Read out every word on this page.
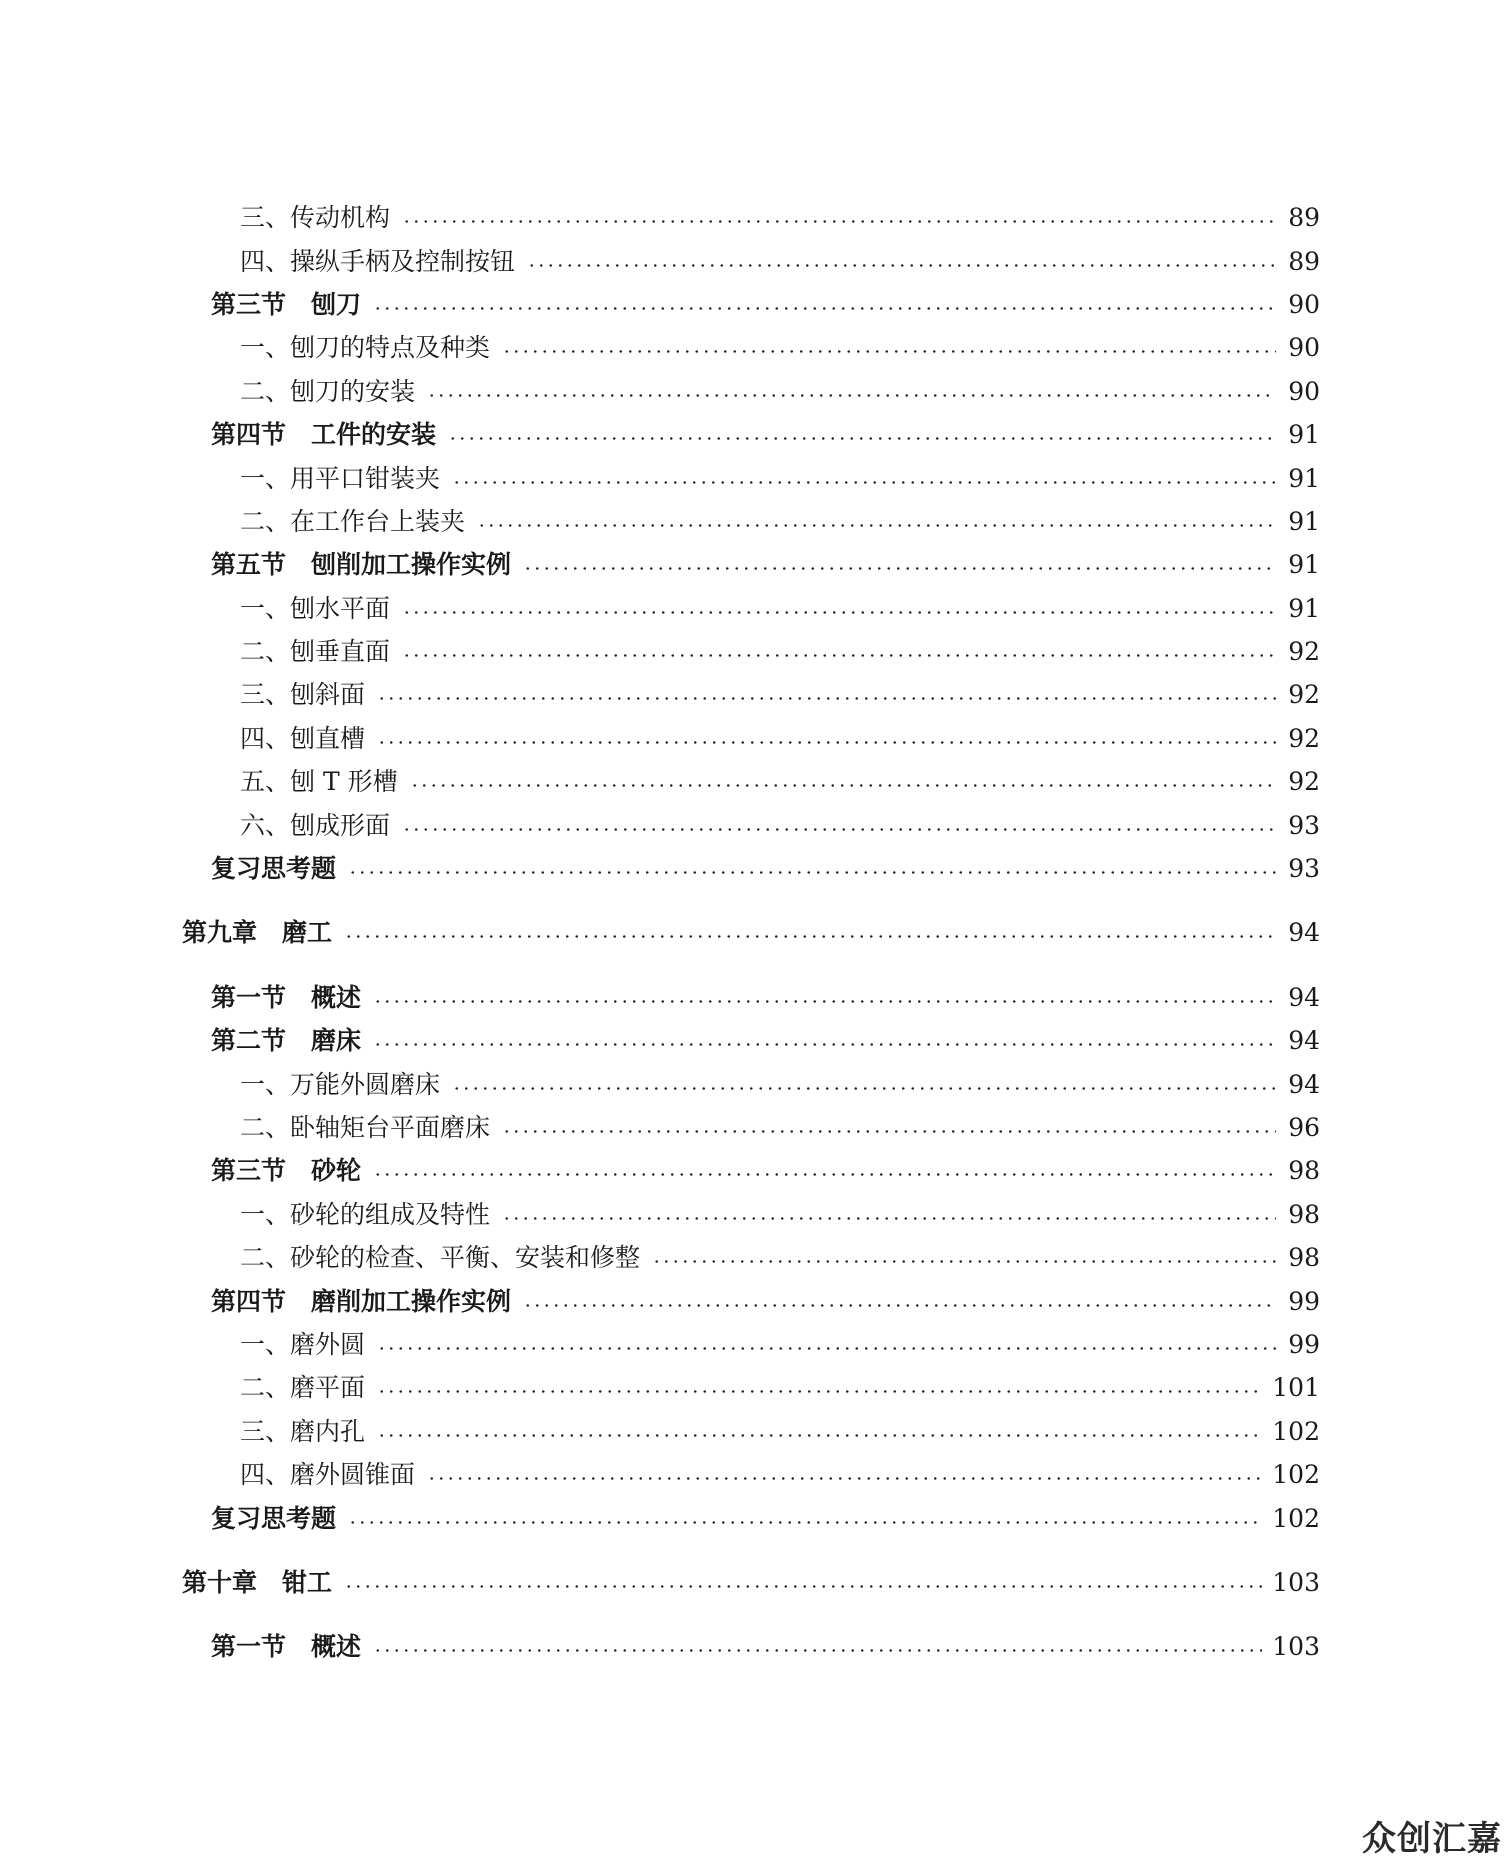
三、传动机构	89
四、操纵手柄及控制按钮	89
第三节　刨刀	90
一、刨刀的特点及种类	90
二、刨刀的安装	90
第四节　工件的安装	91
一、用平口钳装夹	91
二、在工作台上装夹	91
第五节　刨削加工操作实例	91
一、刨水平面	91
二、刨垂直面	92
三、刨斜面	92
四、刨直槽	92
五、刨 T 形槽	92
六、刨成形面	93
复习思考题	93
第九章　磨工	94
第一节　概述	94
第二节　磨床	94
一、万能外圆磨床	94
二、卧轴矩台平面磨床	96
第三节　砂轮	98
一、砂轮的组成及特性	98
二、砂轮的检查、平衡、安装和修整	98
第四节　磨削加工操作实例	99
一、磨外圆	99
二、磨平面	101
三、磨内孔	102
四、磨外圆锥面	102
复习思考题	102
第十章　钳工	103
第一节　概述	103
众创汇嘉
